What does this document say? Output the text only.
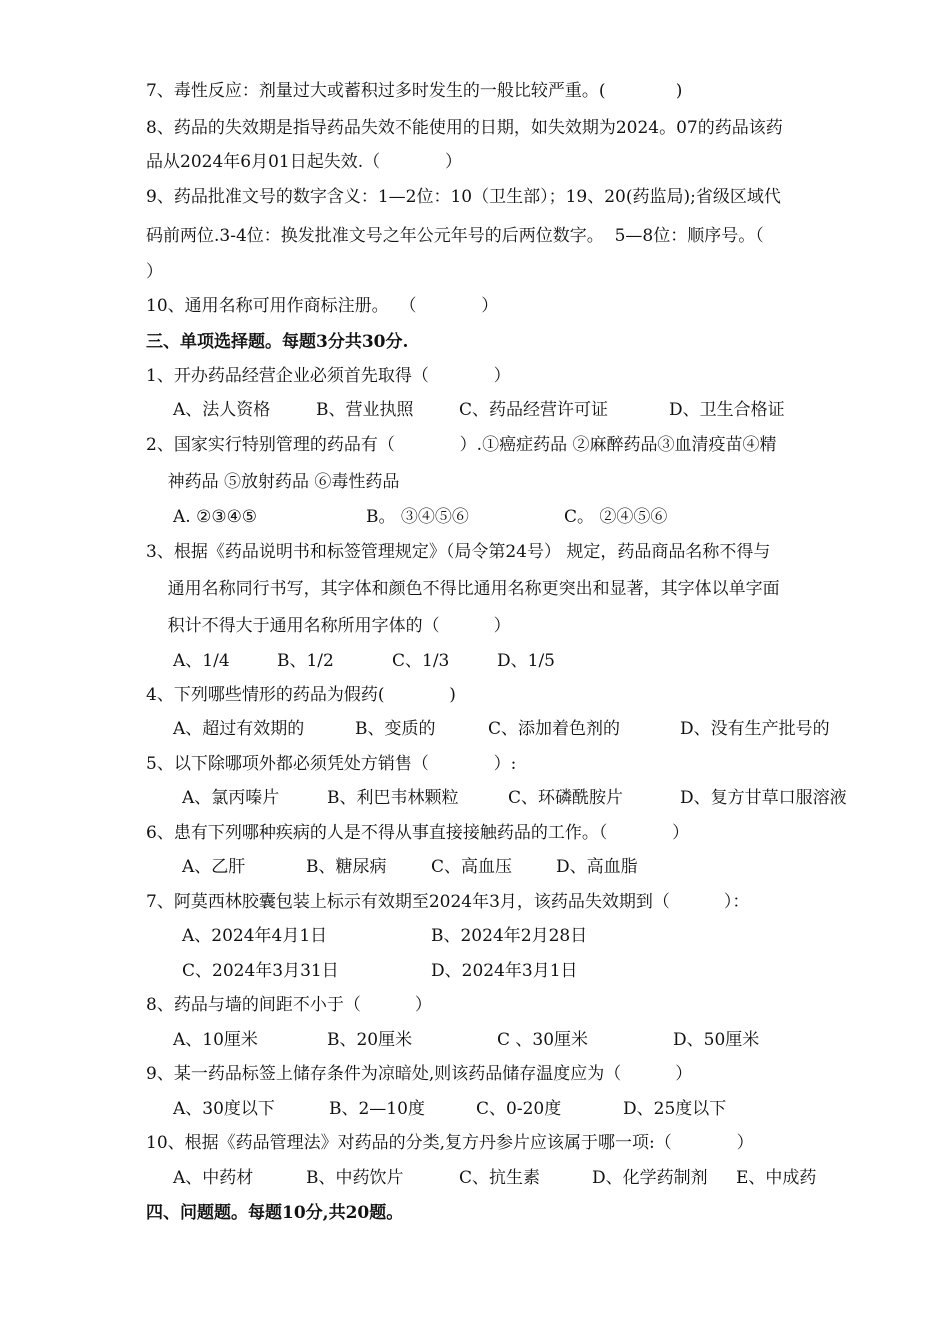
7、毒性反应：剂量过大或蓄积过多时发生的一般比较严重。(             )
8、药品的失效期是指导药品失效不能使用的日期，如失效期为2024。07的药品该药
品从2024年6月01日起失效.（            ）
9、药品批准文号的数字含义：1—2位：10（卫生部）；19、20(药监局);省级区域代
码前两位.3-4位：换发批准文号之年公元年号的后两位数字。  5—8位：顺序号。（
）
10、通用名称可用作商标注册。  （            ）
三、单项选择题。每题3分共30分.
1、开办药品经营企业必须首先取得（            ）
A、法人资格	B、营业执照	C、药品经营许可证	D、卫生合格证
2、国家实行特别管理的药品有（            ）.①癌症药品 ②麻醉药品③血清疫苗④精
神药品 ⑤放射药品 ⑥毒性药品
A. ②③④⑤	B。 ③④⑤⑥	C。 ②④⑤⑥
3、根据《药品说明书和标签管理规定》（局令第24号） 规定，药品商品名称不得与
通用名称同行书写，其字体和颜色不得比通用名称更突出和显著，其字体以单字面
积计不得大于通用名称所用字体的（          ）
A、1/4	B、1/2	C、1/3	D、1/5
4、下列哪些情形的药品为假药(            )
A、超过有效期的	B、变质的	C、添加着色剂的	D、没有生产批号的
5、以下除哪项外都必须凭处方销售（            ）:
A、氯丙嗪片	B、利巴韦林颗粒	C、环磷酰胺片	D、复方甘草口服溶液
6、患有下列哪种疾病的人是不得从事直接接触药品的工作。（            ）
A、乙肝	B、糖尿病	C、高血压	D、高血脂
7、阿莫西林胶囊包装上标示有效期至2024年3月，该药品失效期到（          ）：
A、2024年4月1日	B、2024年2月28日
C、2024年3月31日	D、2024年3月1日
8、药品与墙的间距不小于（          ）
A、10厘米	B、20厘米	C 、30厘米	D、50厘米
9、某一药品标签上储存条件为凉暗处,则该药品储存温度应为（          ）
A、30度以下	B、2—10度	C、0-20度	D、25度以下
10、根据《药品管理法》对药品的分类,复方丹参片应该属于哪一项:（            ）
A、中药材	B、中药饮片	C、抗生素	D、化学药制剂 E、中成药
四、问题题。每题10分,共20题。
